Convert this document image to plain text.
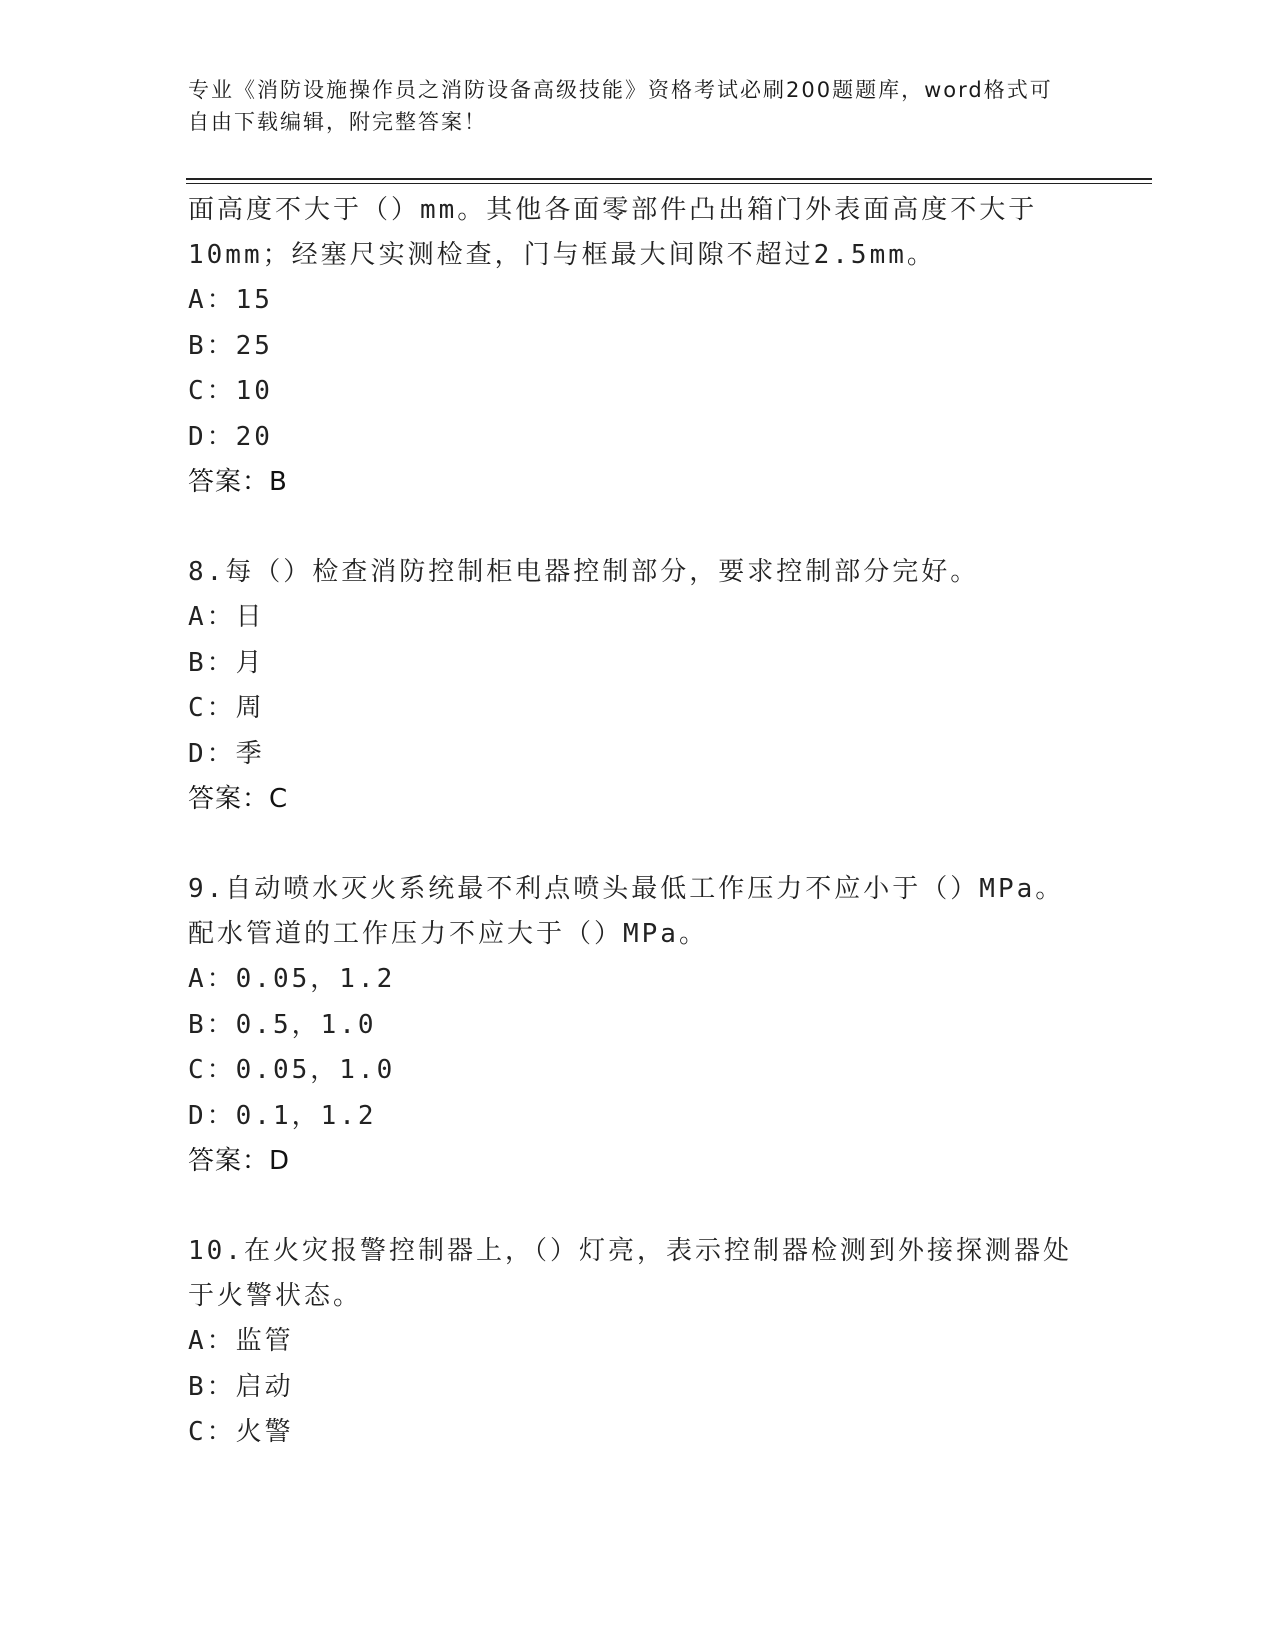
专业《消防设施操作员之消防设备高级技能》资格考试必刷200题题库，word格式可自由下载编辑，附完整答案！

面高度不大于（）mm。其他各面零部件凸出箱门外表面高度不大于10mm；经塞尺实测检查，门与框最大间隙不超过2.5mm。

A：15

B：25

C：10

D：20

答案：B

8.每（）检查消防控制柜电器控制部分，要求控制部分完好。

A：日

B：月

C：周

D：季

答案：C

9.自动喷水灭火系统最不利点喷头最低工作压力不应小于（）MPa。配水管道的工作压力不应大于（）MPa。

A：0.05，1.2

B：0.5，1.0

C：0.05，1.0

D：0.1，1.2

答案：D

10.在火灾报警控制器上，（）灯亮，表示控制器检测到外接探测器处于火警状态。

A：监管

B：启动

C：火警
